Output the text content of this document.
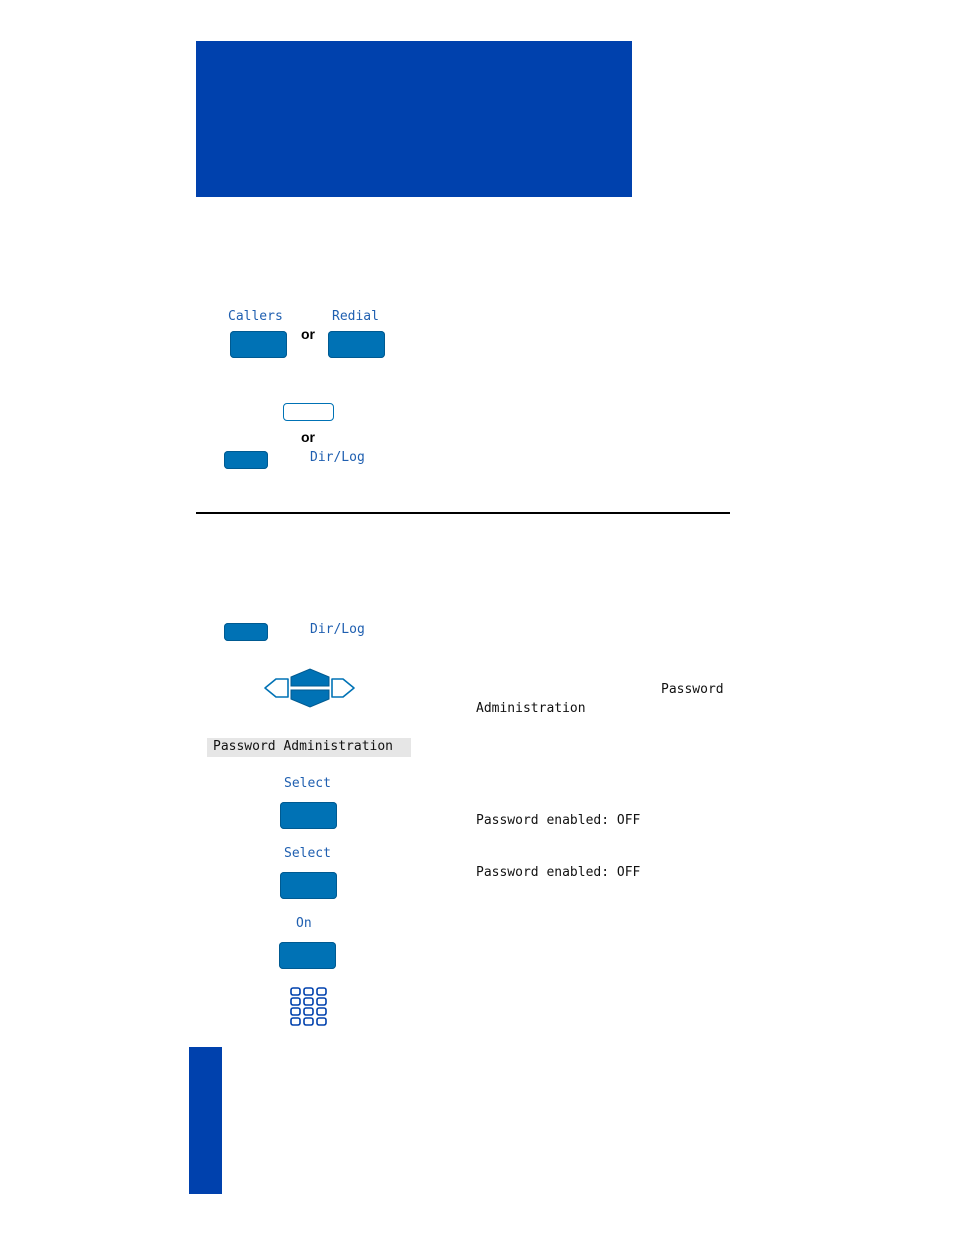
Callers	Redial
or
or
Dir/Log
Dir/Log
Password
Administration
Password Administration
Select
Password enabled: OFF
Select
Password enabled: OFF
On
